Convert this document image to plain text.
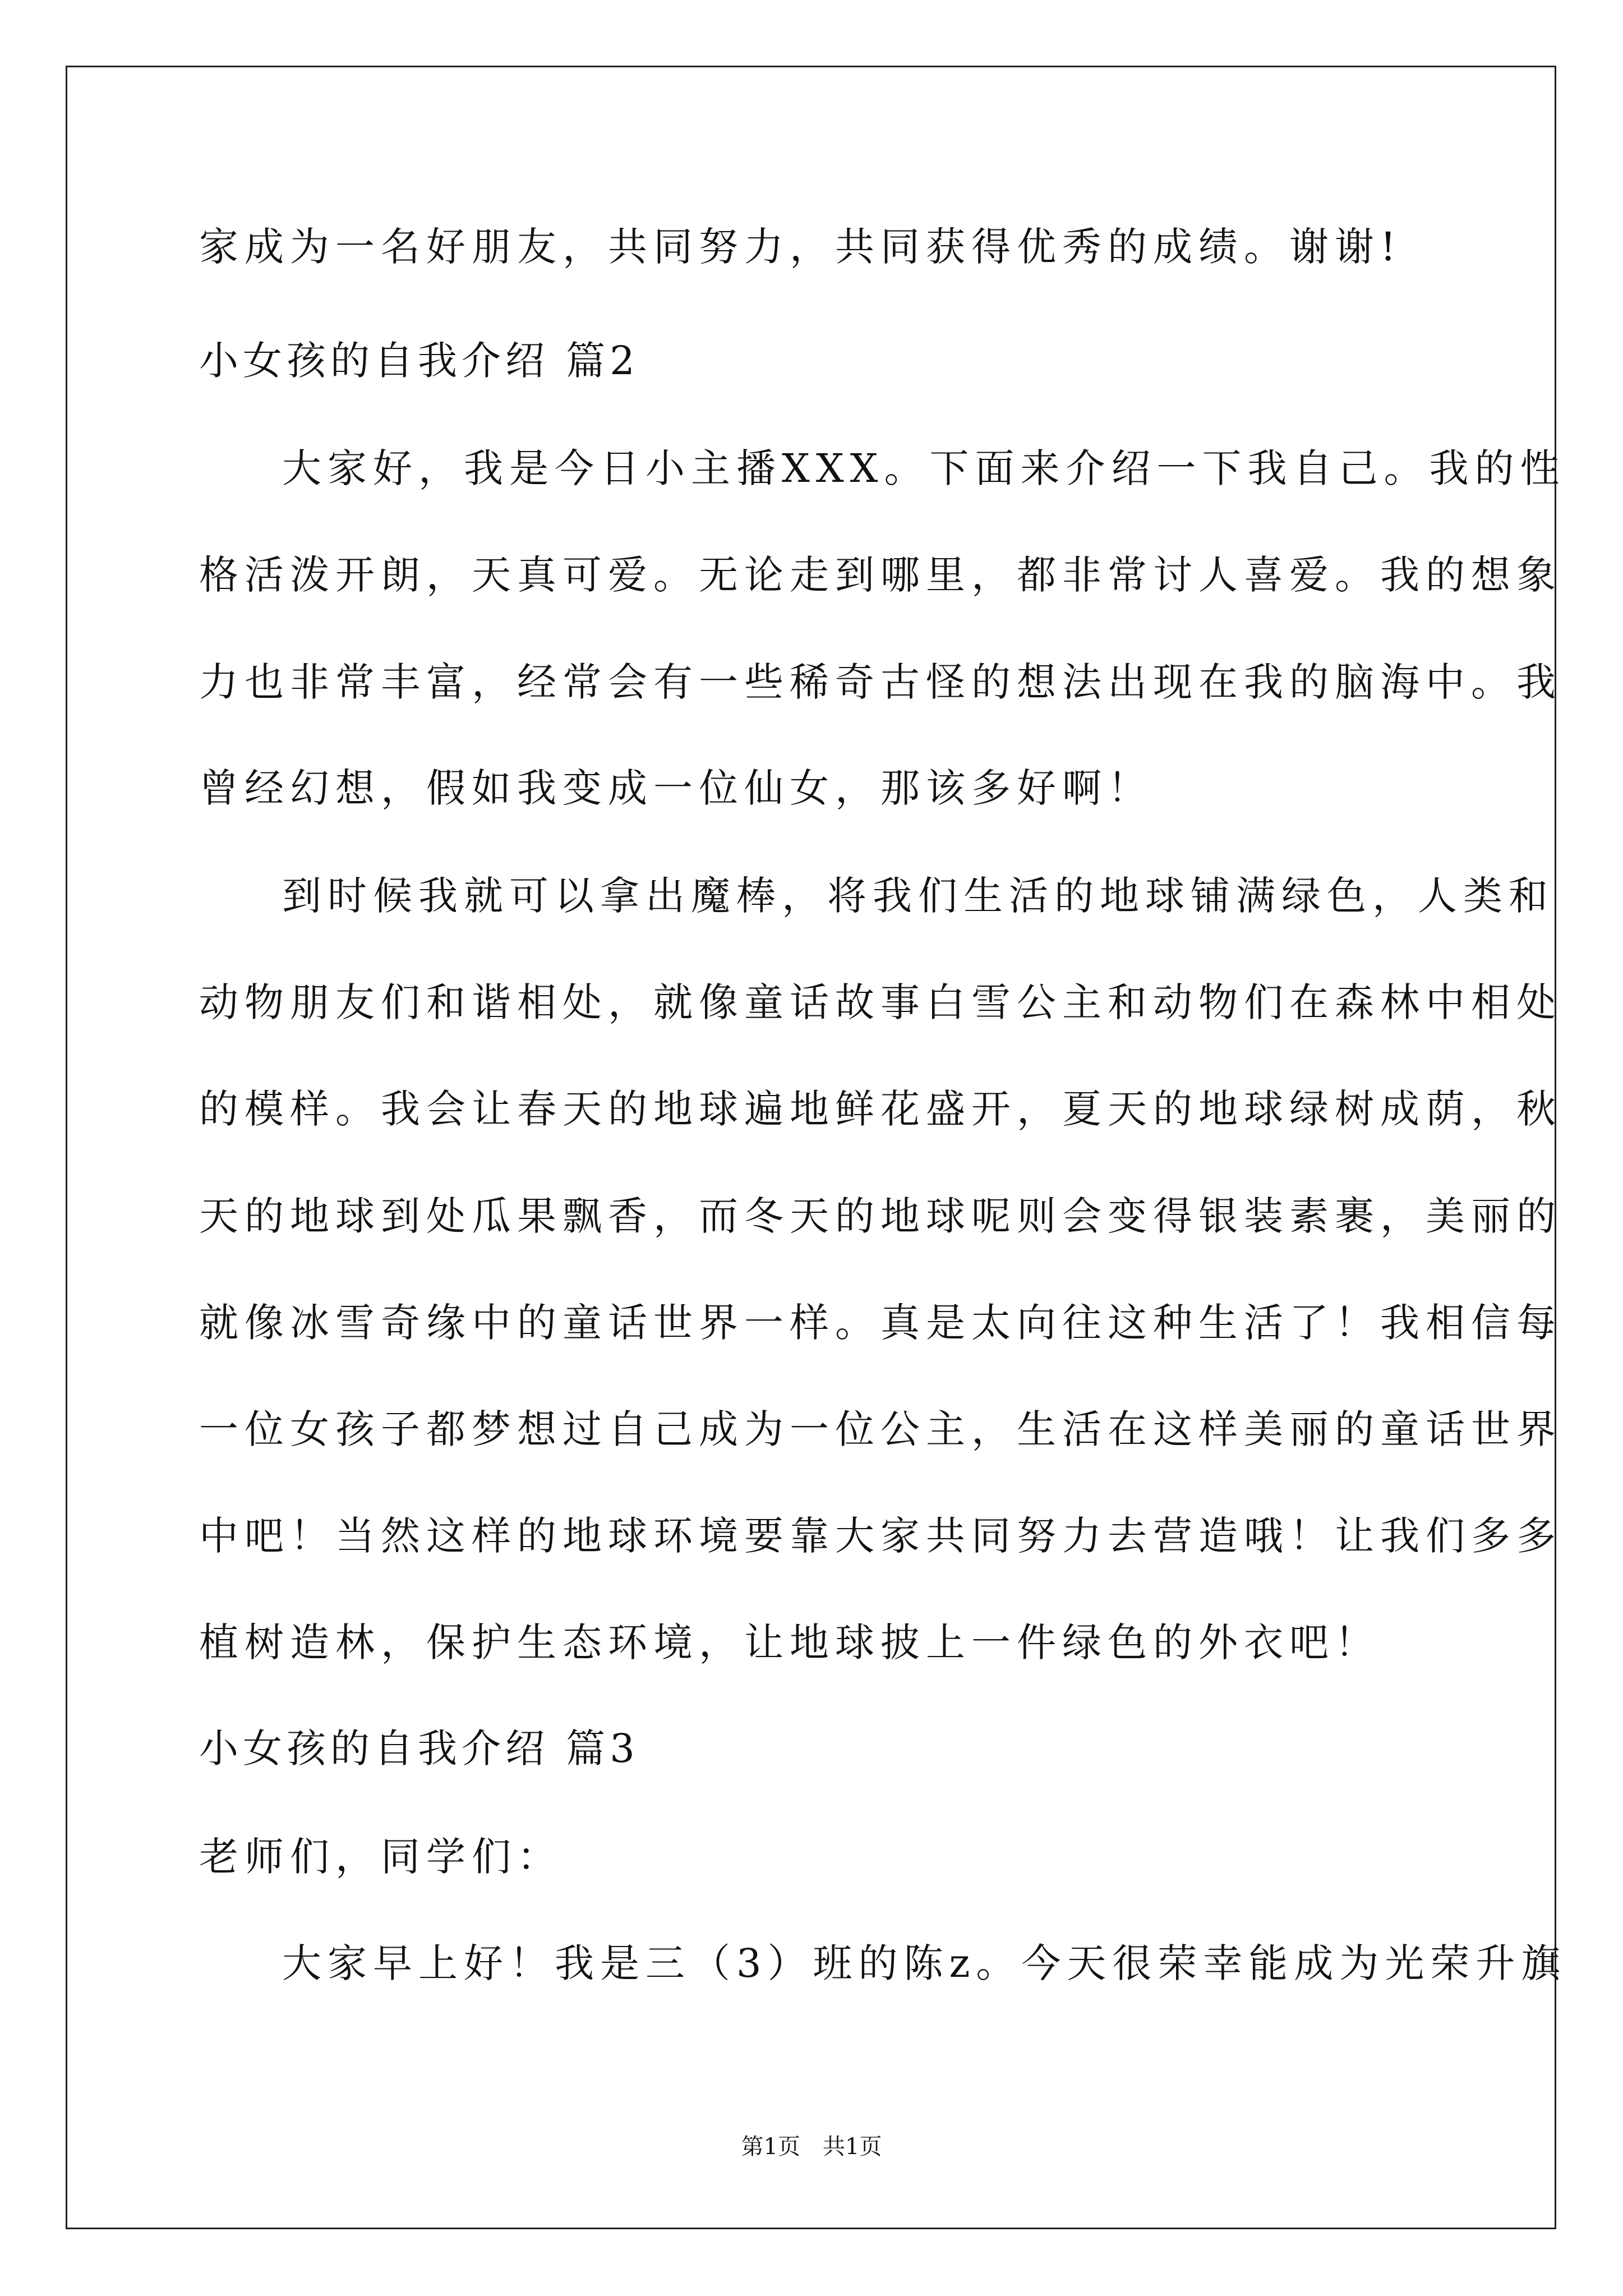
家成为一名好朋友，共同努力，共同获得优秀的成绩。谢谢!
小女孩的自我介绍 篇2
大家好，我是今日小主播XXX。下面来介绍一下我自己。我的性
格活泼开朗，天真可爱。无论走到哪里，都非常讨人喜爱。我的想象
力也非常丰富，经常会有一些稀奇古怪的想法出现在我的脑海中。我
曾经幻想，假如我变成一位仙女，那该多好啊！
到时候我就可以拿出魔棒，将我们生活的地球铺满绿色，人类和
动物朋友们和谐相处，就像童话故事白雪公主和动物们在森林中相处
的模样。我会让春天的地球遍地鲜花盛开，夏天的地球绿树成荫，秋
天的地球到处瓜果飘香，而冬天的地球呢则会变得银装素裹，美丽的
就像冰雪奇缘中的童话世界一样。真是太向往这种生活了！我相信每
一位女孩子都梦想过自己成为一位公主，生活在这样美丽的童话世界
中吧！当然这样的地球环境要靠大家共同努力去营造哦！让我们多多
植树造林，保护生态环境，让地球披上一件绿色的外衣吧！
小女孩的自我介绍 篇3
老师们，同学们：
大家早上好！我是三（3）班的陈z。今天很荣幸能成为光荣升旗
第1页　共1页
